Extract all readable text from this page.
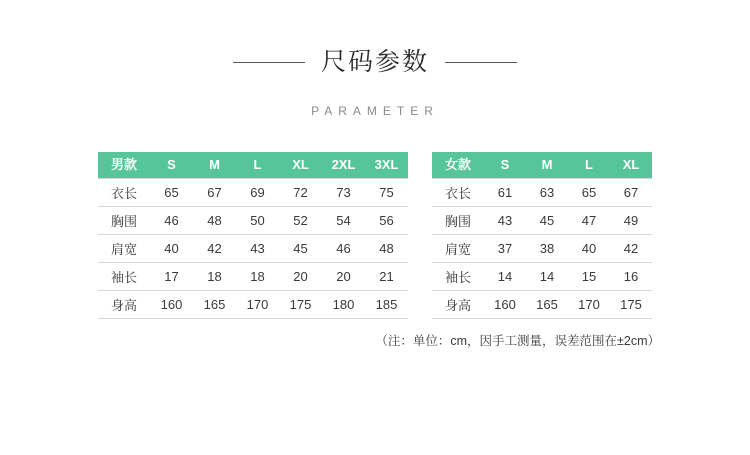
尺码参数
PARAMETER
男款	S	M	L	XL	2XL	3XL
衣长	65	67	69	72	73	75
胸围	46	48	50	52	54	56
肩宽	40	42	43	45	46	48
袖长	17	18	18	20	20	21
身高	160	165	170	175	180	185
女款	S	M	L	XL
衣长	61	63	65	67
胸围	43	45	47	49
肩宽	37	38	40	42
袖长	14	14	15	16
身高	160	165	170	175
（注：单位：cm，因手工测量，误差范围在±2cm）
